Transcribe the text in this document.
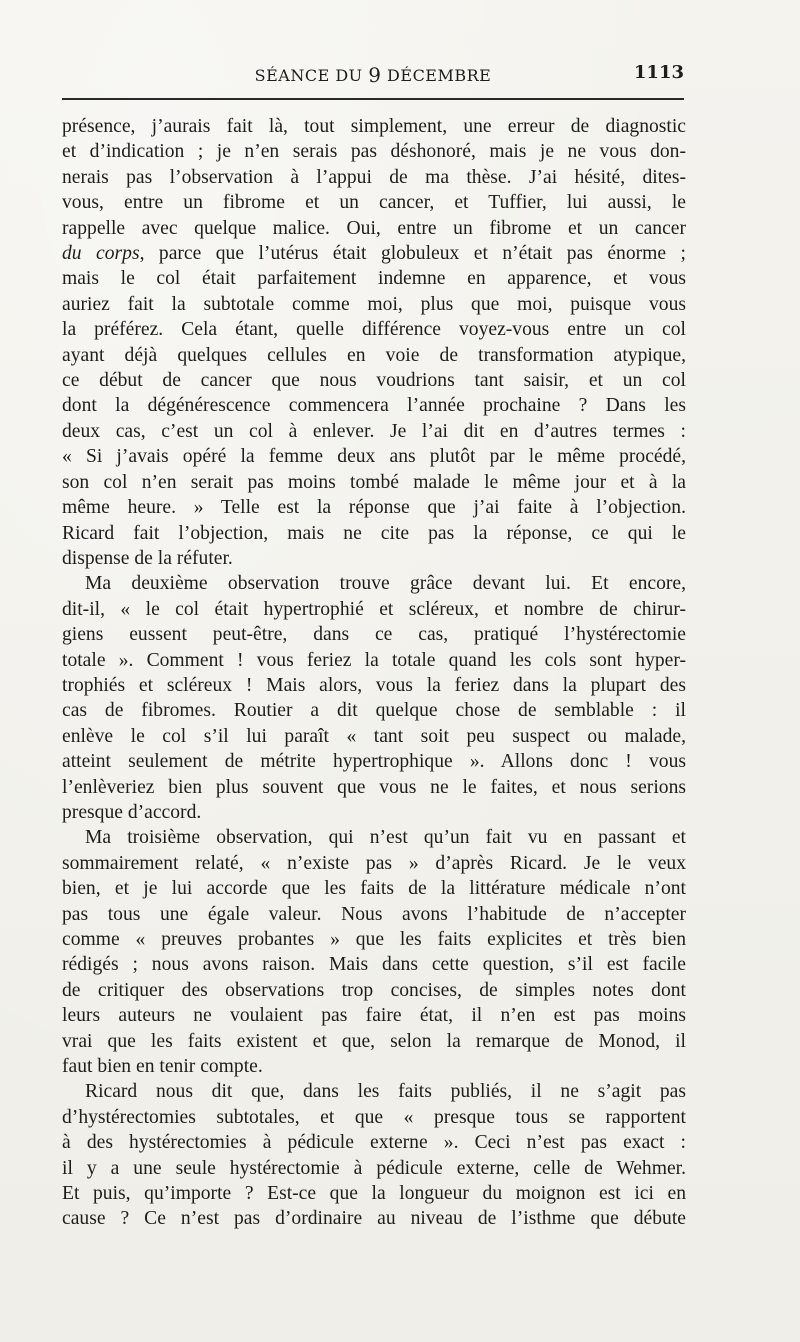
SÉANCE DU 9 DÉCEMBRE	1113
présence, j’aurais fait là, tout simplement, une erreur de diagnostic
et d’indication ; je n’en serais pas déshonoré, mais je ne vous don-
nerais pas l’observation à l’appui de ma thèse. J’ai hésité, dites-
vous, entre un fibrome et un cancer, et Tuffier, lui aussi, le
rappelle avec quelque malice. Oui, entre un fibrome et un cancer
du corps, parce que l’utérus était globuleux et n’était pas énorme ;
mais le col était parfaitement indemne en apparence, et vous
auriez fait la subtotale comme moi, plus que moi, puisque vous
la préférez. Cela étant, quelle différence voyez-vous entre un col
ayant déjà quelques cellules en voie de transformation atypique,
ce début de cancer que nous voudrions tant saisir, et un col
dont la dégénérescence commencera l’année prochaine ? Dans les
deux cas, c’est un col à enlever. Je l’ai dit en d’autres termes :
« Si j’avais opéré la femme deux ans plutôt par le même procédé,
son col n’en serait pas moins tombé malade le même jour et à la
même heure. » Telle est la réponse que j’ai faite à l’objection.
Ricard fait l’objection, mais ne cite pas la réponse, ce qui le
dispense de la réfuter.
Ma deuxième observation trouve grâce devant lui. Et encore,
dit-il, « le col était hypertrophié et scléreux, et nombre de chirur-
giens eussent peut-être, dans ce cas, pratiqué l’hystérectomie
totale ». Comment ! vous feriez la totale quand les cols sont hyper-
trophiés et scléreux ! Mais alors, vous la feriez dans la plupart des
cas de fibromes. Routier a dit quelque chose de semblable : il
enlève le col s’il lui paraît « tant soit peu suspect ou malade,
atteint seulement de métrite hypertrophique ». Allons donc ! vous
l’enlèveriez bien plus souvent que vous ne le faites, et nous serions
presque d’accord.
Ma troisième observation, qui n’est qu’un fait vu en passant et
sommairement relaté, « n’existe pas » d’après Ricard. Je le veux
bien, et je lui accorde que les faits de la littérature médicale n’ont
pas tous une égale valeur. Nous avons l’habitude de n’accepter
comme « preuves probantes » que les faits explicites et très bien
rédigés ; nous avons raison. Mais dans cette question, s’il est facile
de critiquer des observations trop concises, de simples notes dont
leurs auteurs ne voulaient pas faire état, il n’en est pas moins
vrai que les faits existent et que, selon la remarque de Monod, il
faut bien en tenir compte.
Ricard nous dit que, dans les faits publiés, il ne s’agit pas
d’hystérectomies subtotales, et que « presque tous se rapportent
à des hystérectomies à pédicule externe ». Ceci n’est pas exact :
il y a une seule hystérectomie à pédicule externe, celle de Wehmer.
Et puis, qu’importe ? Est-ce que la longueur du moignon est ici en
cause ? Ce n’est pas d’ordinaire au niveau de l’isthme que débute
